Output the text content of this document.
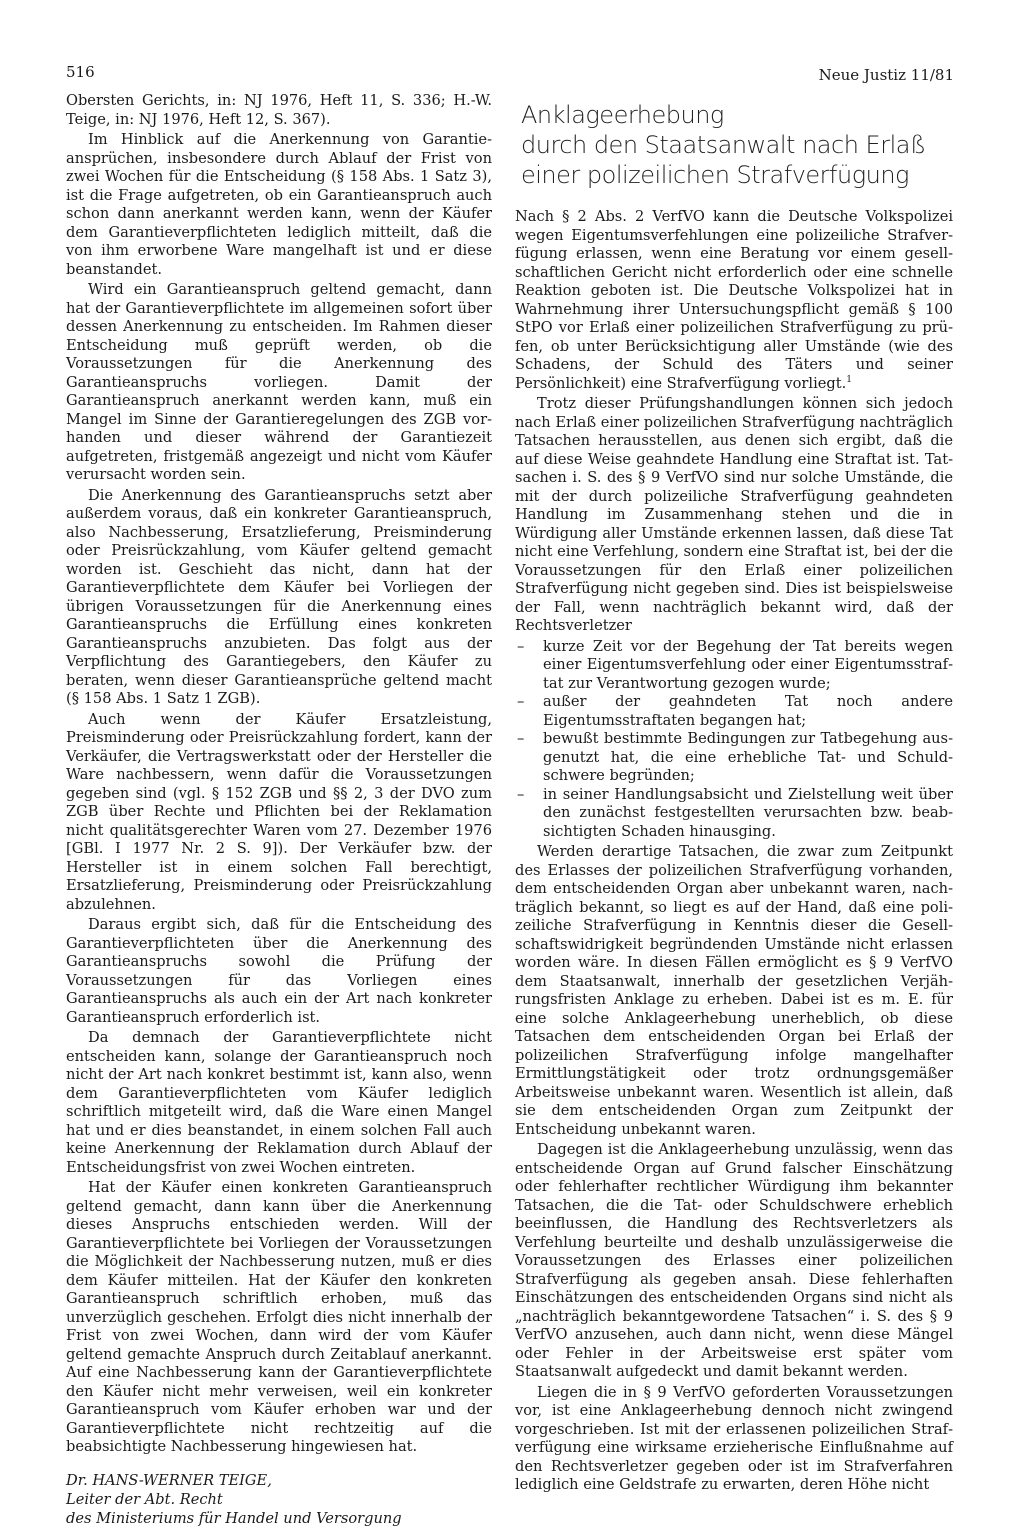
516	Neue Justiz 11/81

Obersten Gerichts, in: NJ 1976, Heft 11, S. 336; H.-W. Teige, in: NJ 1976, Heft 12, S. 367).

Im Hinblick auf die Anerkennung von Garantieansprüchen, insbesondere durch Ablauf der Frist von zwei Wochen für die Entscheidung (§ 158 Abs. 1 Satz 3), ist die Frage aufgetreten, ob ein Garantieanspruch auch schon dann anerkannt werden kann, wenn der Käufer dem Garantieverpflichteten lediglich mitteilt, daß die von ihm erworbene Ware mangelhaft ist und er diese beanstandet.

Wird ein Garantieanspruch geltend gemacht, dann hat der Garantieverpflichtete im allgemeinen sofort über dessen Anerkennung zu entscheiden. Im Rahmen dieser Entscheidung muß geprüft werden, ob die Voraussetzungen für die Anerkennung des Garantieanspruchs vorliegen. Damit der Garantieanspruch anerkannt werden kann, muß ein Mangel im Sinne der Garantieregelungen des ZGB vorhanden und dieser während der Garantiezeit aufgetreten, fristgemäß angezeigt und nicht vom Käufer verursacht worden sein.

Die Anerkennung des Garantieanspruchs setzt aber außerdem voraus, daß ein konkreter Garantieanspruch, also Nachbesserung, Ersatzlieferung, Preisminderung oder Preisrückzahlung, vom Käufer geltend gemacht worden ist. Geschieht das nicht, dann hat der Garantieverpflichtete dem Käufer bei Vorliegen der übrigen Voraussetzungen für die Anerkennung eines Garantieanspruchs die Erfüllung eines konkreten Garantieanspruchs anzubieten. Das folgt aus der Verpflichtung des Garantiegebers, den Käufer zu beraten, wenn dieser Garantieansprüche geltend macht (§ 158 Abs. 1 Satz 1 ZGB).

Auch wenn der Käufer Ersatzleistung, Preisminderung oder Preisrückzahlung fordert, kann der Verkäufer, die Vertragswerkstatt oder der Hersteller die Ware nachbessern, wenn dafür die Voraussetzungen gegeben sind (vgl. § 152 ZGB und §§ 2, 3 der DVO zum ZGB über Rechte und Pflichten bei der Reklamation nicht qualitätsgerechter Waren vom 27. Dezember 1976 [GBl. I 1977 Nr. 2 S. 9]). Der Verkäufer bzw. der Hersteller ist in einem solchen Fall berechtigt, Ersatzlieferung, Preisminderung oder Preisrückzahlung abzulehnen.

Daraus ergibt sich, daß für die Entscheidung des Garantieverpflichteten über die Anerkennung des Garantieanspruchs sowohl die Prüfung der Voraussetzungen für das Vorliegen eines Garantieanspruchs als auch ein der Art nach konkreter Garantieanspruch erforderlich ist.

Da demnach der Garantieverpflichtete nicht entscheiden kann, solange der Garantieanspruch noch nicht der Art nach konkret bestimmt ist, kann also, wenn dem Garantieverpflichteten vom Käufer lediglich schriftlich mitgeteilt wird, daß die Ware einen Mangel hat und er dies beanstandet, in einem solchen Fall auch keine Anerkennung der Reklamation durch Ablauf der Entscheidungsfrist von zwei Wochen eintreten.

Hat der Käufer einen konkreten Garantieanspruch geltend gemacht, dann kann über die Anerkennung dieses Anspruchs entschieden werden. Will der Garantieverpflichtete bei Vorliegen der Voraussetzungen die Möglichkeit der Nachbesserung nutzen, muß er dies dem Käufer mitteilen. Hat der Käufer den konkreten Garantieanspruch schriftlich erhoben, muß das unverzüglich geschehen. Erfolgt dies nicht innerhalb der Frist von zwei Wochen, dann wird der vom Käufer geltend gemachte Anspruch durch Zeitablauf anerkannt. Auf eine Nachbesserung kann der Garantieverpflichtete den Käufer nicht mehr verweisen, weil ein konkreter Garantieanspruch vom Käufer erhoben war und der Garantieverpflichtete nicht rechtzeitig auf die beabsichtigte Nachbesserung hingewiesen hat.

Dr. HANS-WERNER TEIGE,
Leiter der Abt. Recht
des Ministeriums für Handel und Versorgung
Anklageerhebung
durch den Staatsanwalt nach Erlaß
einer polizeilichen Strafverfügung

Nach § 2 Abs. 2 VerfVO kann die Deutsche Volkspolizei wegen Eigentumsverfehlungen eine polizeiliche Strafverfügung erlassen, wenn eine Beratung vor einem gesellschaftlichen Gericht nicht erforderlich oder eine schnelle Reaktion geboten ist. Die Deutsche Volkspolizei hat in Wahrnehmung ihrer Untersuchungspflicht gemäß § 100 StPO vor Erlaß einer polizeilichen Strafverfügung zu prüfen, ob unter Berücksichtigung aller Umstände (wie des Schadens, der Schuld des Täters und seiner Persönlichkeit) eine Strafverfügung vorliegt.$^1$

Trotz dieser Prüfungshandlungen können sich jedoch nach Erlaß einer polizeilichen Strafverfügung nachträglich Tatsachen herausstellen, aus denen sich ergibt, daß die auf diese Weise geahndete Handlung eine Straftat ist. Tatsachen i. S. des § 9 VerfVO sind nur solche Umstände, die mit der durch polizeiliche Strafverfügung geahndeten Handlung im Zusammenhang stehen und die in Würdigung aller Umstände erkennen lassen, daß diese Tat nicht eine Verfehlung, sondern eine Straftat ist, bei der die Voraussetzungen für den Erlaß einer polizeilichen Strafverfügung nicht gegeben sind. Dies ist beispielsweise der Fall, wenn nachträglich bekannt wird, daß der Rechtsverletzer

– kurze Zeit vor der Begehung der Tat bereits wegen einer Eigentumsverfehlung oder einer Eigentumsstraftat zur Verantwortung gezogen wurde;
– außer der geahndeten Tat noch andere Eigentumsstraftaten begangen hat;
– bewußt bestimmte Bedingungen zur Tatbegehung ausgenutzt hat, die eine erhebliche Tat- und Schuldschwere begründen;
– in seiner Handlungsabsicht und Zielstellung weit über den zunächst festgestellten verursachten bzw. beabsichtigten Schaden hinausging.

Werden derartige Tatsachen, die zwar zum Zeitpunkt des Erlasses der polizeilichen Strafverfügung vorhanden, dem entscheidenden Organ aber unbekannt waren, nachträglich bekannt, so liegt es auf der Hand, daß eine polizeiliche Strafverfügung in Kenntnis dieser die Gesellschaftswidrigkeit begründenden Umstände nicht erlassen worden wäre. In diesen Fällen ermöglicht es § 9 VerfVO dem Staatsanwalt, innerhalb der gesetzlichen Verjährungsfristen Anklage zu erheben. Dabei ist es m. E. für eine solche Anklageerhebung unerheblich, ob diese Tatsachen dem entscheidenden Organ bei Erlaß der polizeilichen Strafverfügung infolge mangelhafter Ermittlungstätigkeit oder trotz ordnungsgemäßer Arbeitsweise unbekannt waren. Wesentlich ist allein, daß sie dem entscheidenden Organ zum Zeitpunkt der Entscheidung unbekannt waren.

Dagegen ist die Anklageerhebung unzulässig, wenn das entscheidende Organ auf Grund falscher Einschätzung oder fehlerhafter rechtlicher Würdigung ihm bekannter Tatsachen, die die Tat- oder Schuldschwere erheblich beeinflussen, die Handlung des Rechtsverletzers als Verfehlung beurteilte und deshalb unzulässigerweise die Voraussetzungen des Erlasses einer polizeilichen Strafverfügung als gegeben ansah. Diese fehlerhaften Einschätzungen des entscheidenden Organs sind nicht als „nachträglich bekanntgewordene Tatsachen“ i. S. des § 9 VerfVO anzusehen, auch dann nicht, wenn diese Mängel oder Fehler in der Arbeitsweise erst später vom Staatsanwalt aufgedeckt und damit bekannt werden.

Liegen die in § 9 VerfVO geforderten Voraussetzungen vor, ist eine Anklageerhebung dennoch nicht zwingend vorgeschrieben. Ist mit der erlassenen polizeilichen Strafverfügung eine wirksame erzieherische Einflußnahme auf den Rechtsverletzer gegeben oder ist im Strafverfahren lediglich eine Geldstrafe zu erwarten, deren Höhe nicht
